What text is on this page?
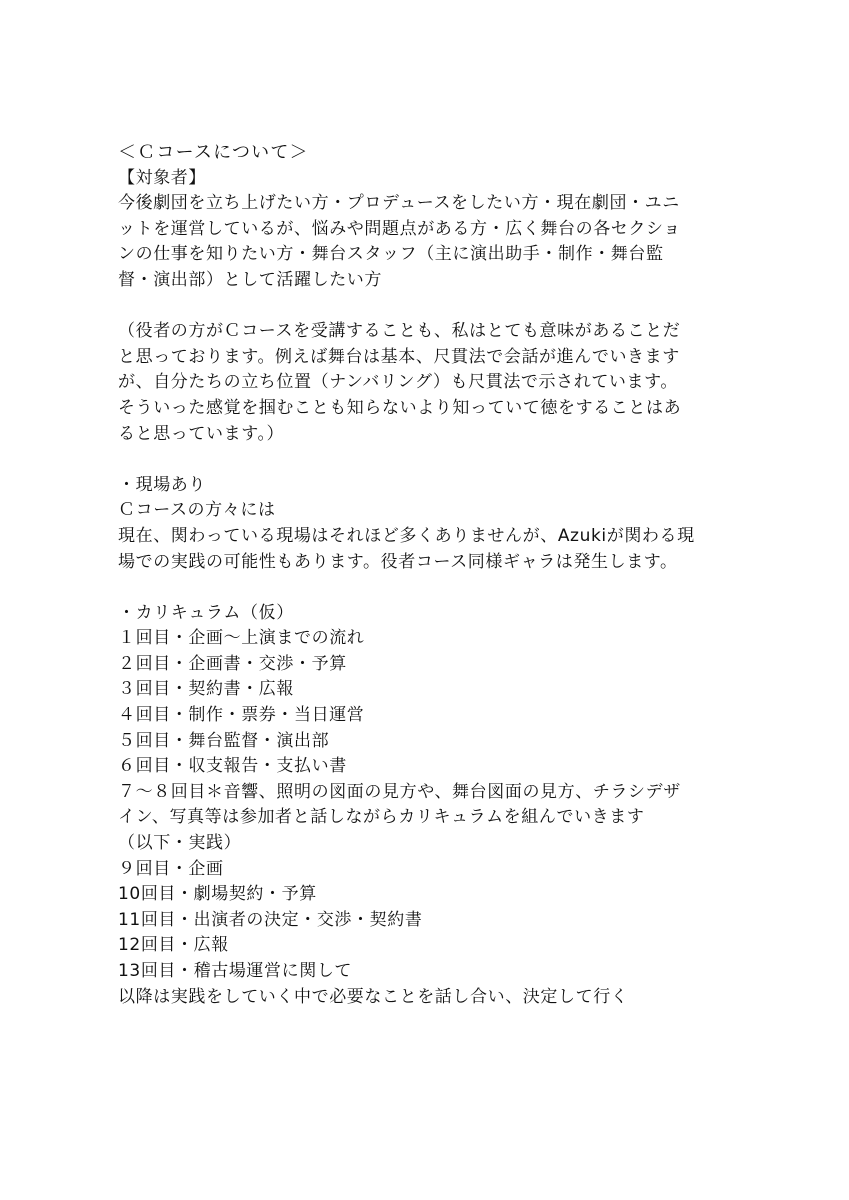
＜Ｃコースについて＞
【対象者】
今後劇団を立ち上げたい方・プロデュースをしたい方・現在劇団・ユニ
ットを運営しているが、悩みや問題点がある方・広く舞台の各セクショ
ンの仕事を知りたい方・舞台スタッフ（主に演出助手・制作・舞台監
督・演出部）として活躍したい方
（役者の方がＣコースを受講することも、私はとても意味があることだ
と思っております。例えば舞台は基本、尺貫法で会話が進んでいきます
が、自分たちの立ち位置（ナンバリング）も尺貫法で示されています。
そういった感覚を掴むことも知らないより知っていて徳をすることはあ
ると思っています。）
・現場あり
Ｃコースの方々には
現在、関わっている現場はそれほど多くありませんが、Azukiが関わる現
場での実践の可能性もあります。役者コース同様ギャラは発生します。
・カリキュラム（仮）
１回目・企画～上演までの流れ
２回目・企画書・交渉・予算
３回目・契約書・広報
４回目・制作・票券・当日運営
５回目・舞台監督・演出部
６回目・収支報告・支払い書
７～８回目＊音響、照明の図面の見方や、舞台図面の見方、チラシデザ
イン、写真等は参加者と話しながらカリキュラムを組んでいきます
（以下・実践）
９回目・企画
10回目・劇場契約・予算
11回目・出演者の決定・交渉・契約書
12回目・広報
13回目・稽古場運営に関して
以降は実践をしていく中で必要なことを話し合い、決定して行く
